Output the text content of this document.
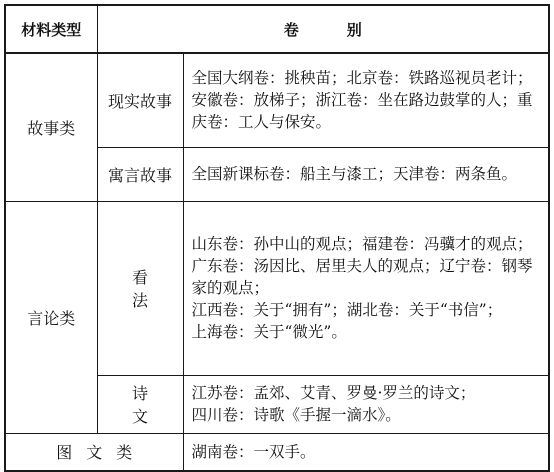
材料类型	卷别	
故事类	现实故事	全国大纲卷：挑秧苗；北京卷：铁路巡视员老计；安徽卷：放梯子；浙江卷：坐在路边鼓掌的人；重庆卷：工人与保安。

	寓言故事	全国新课标卷：船主与漆工；天津卷：两条鱼。

言论类	看法	山东卷：孙中山的观点；福建卷：冯骥才的观点；
广东卷：汤因比、居里夫人的观点；辽宁卷：钢琴家的观点；
江西卷：关于“拥有”；湖北卷：关于“书信”；
上海卷：关于“微光”。

	诗文	江苏卷：孟郊、艾青、罗曼·罗兰的诗文；
四川卷：诗歌《手握一滴水》。

图文类		湖南卷：一双手。
